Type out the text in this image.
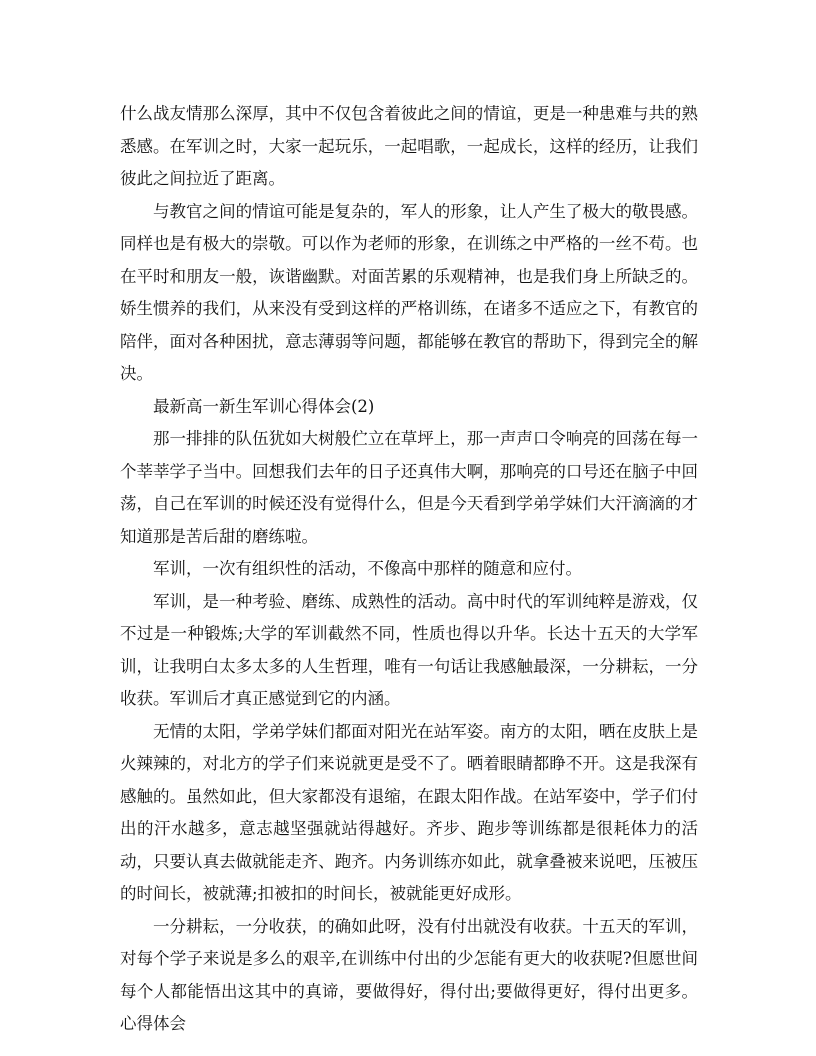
什么战友情那么深厚，其中不仅包含着彼此之间的情谊，更是一种患难与共的熟悉感。在军训之时，大家一起玩乐，一起唱歌，一起成长，这样的经历，让我们彼此之间拉近了距离。

与教官之间的情谊可能是复杂的，军人的形象，让人产生了极大的敬畏感。同样也是有极大的崇敬。可以作为老师的形象，在训练之中严格的一丝不苟。也在平时和朋友一般，诙谐幽默。对面苦累的乐观精神，也是我们身上所缺乏的。娇生惯养的我们，从来没有受到这样的严格训练，在诸多不适应之下，有教官的陪伴，面对各种困扰，意志薄弱等问题，都能够在教官的帮助下，得到完全的解决。

最新高一新生军训心得体会(2)

那一排排的队伍犹如大树般伫立在草坪上，那一声声口令响亮的回荡在每一个莘莘学子当中。回想我们去年的日子还真伟大啊，那响亮的口号还在脑子中回荡，自己在军训的时候还没有觉得什么，但是今天看到学弟学妹们大汗滴滴的才知道那是苦后甜的磨练啦。

军训，一次有组织性的活动，不像高中那样的随意和应付。

军训，是一种考验、磨练、成熟性的活动。高中时代的军训纯粹是游戏，仅不过是一种锻炼;大学的军训截然不同，性质也得以升华。长达十五天的大学军训，让我明白太多太多的人生哲理，唯有一句话让我感触最深，一分耕耘，一分收获。军训后才真正感觉到它的内涵。

无情的太阳，学弟学妹们都面对阳光在站军姿。南方的太阳，晒在皮肤上是火辣辣的，对北方的学子们来说就更是受不了。晒着眼睛都睁不开。这是我深有感触的。虽然如此，但大家都没有退缩，在跟太阳作战。在站军姿中，学子们付出的汗水越多，意志越坚强就站得越好。齐步、跑步等训练都是很耗体力的活动，只要认真去做就能走齐、跑齐。内务训练亦如此，就拿叠被来说吧，压被压的时间长，被就薄;扣被扣的时间长，被就能更好成形。

一分耕耘，一分收获，的确如此呀，没有付出就没有收获。十五天的军训，对每个学子来说是多么的艰辛,在训练中付出的少怎能有更大的收获呢?但愿世间每个人都能悟出这其中的真谛，要做得好，得付出;要做得更好，得付出更多。心得体会
